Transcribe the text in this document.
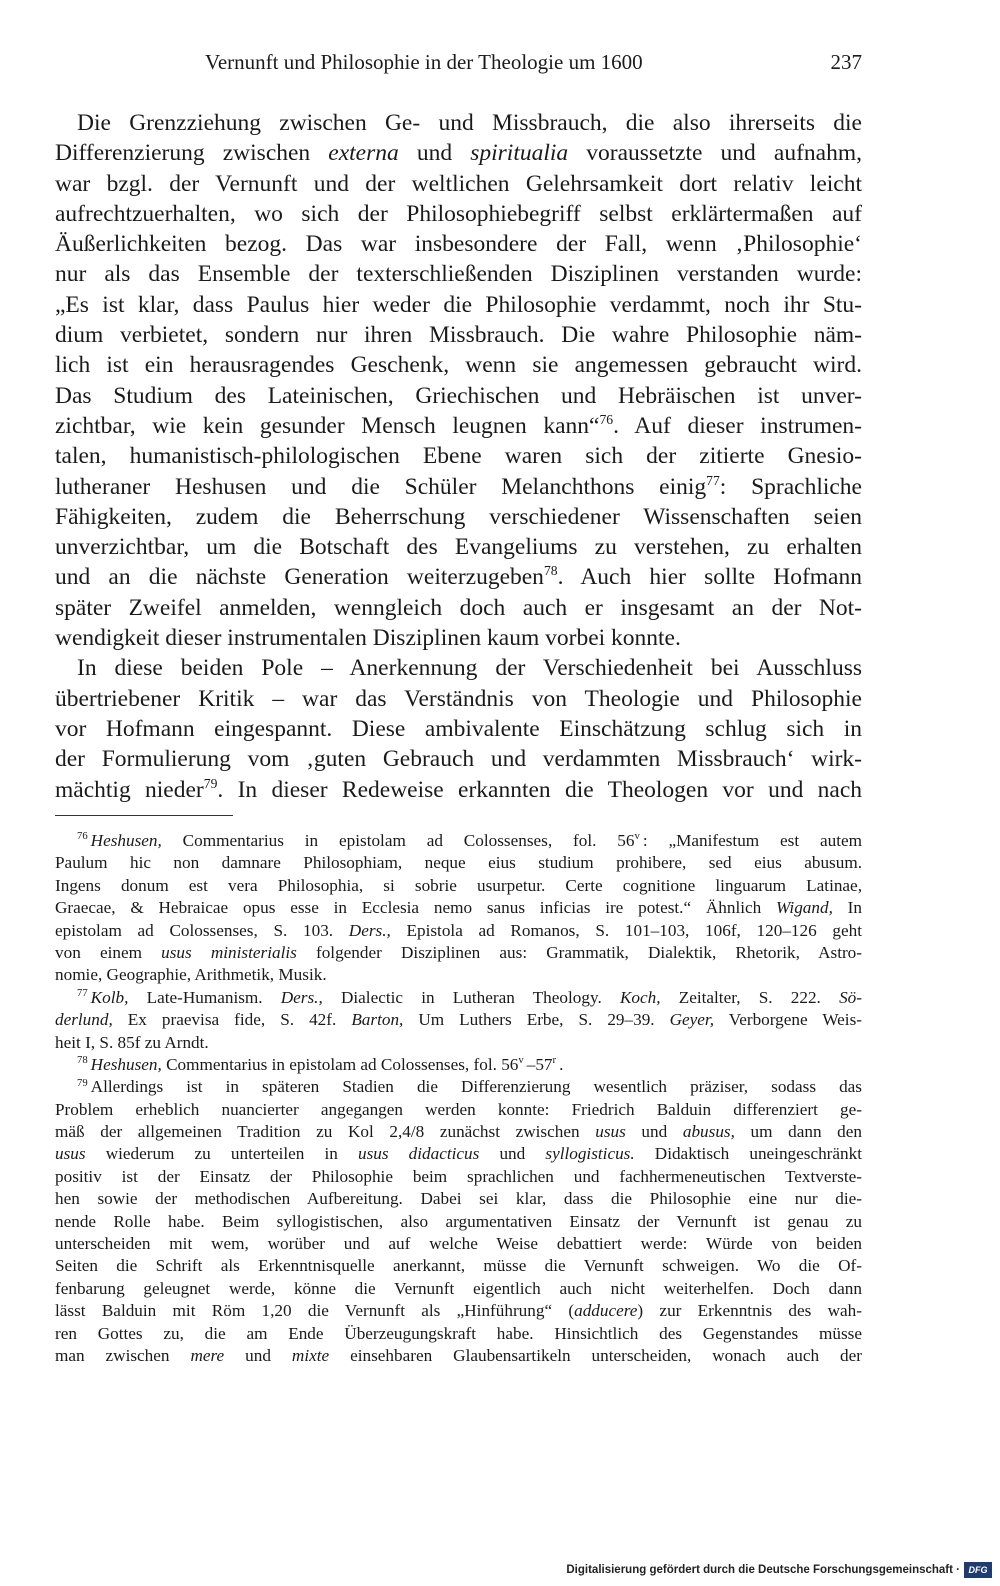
Vernunft und Philosophie in der Theologie um 1600	237
Die Grenzziehung zwischen Ge- und Missbrauch, die also ihrerseits die
Differenzierung zwischen externa und spiritualia voraussetzte und aufnahm,
war bzgl. der Vernunft und der weltlichen Gelehrsamkeit dort relativ leicht
aufrechtzuerhalten, wo sich der Philosophiebegriff selbst erklärtermaßen auf
Äußerlichkeiten bezog. Das war insbesondere der Fall, wenn ‚Philosophie‘
nur als das Ensemble der texterschließenden Disziplinen verstanden wurde:
„Es ist klar, dass Paulus hier weder die Philosophie verdammt, noch ihr Stu-
dium verbietet, sondern nur ihren Missbrauch. Die wahre Philosophie näm-
lich ist ein herausragendes Geschenk, wenn sie angemessen gebraucht wird.
Das Studium des Lateinischen, Griechischen und Hebräischen ist unver-
zichtbar, wie kein gesunder Mensch leugnen kann“$^{76}$. Auf dieser instrumen-
talen, humanistisch-philologischen Ebene waren sich der zitierte Gnesio-
lutheraner Heshusen und die Schüler Melanchthons einig$^{77}$: Sprachliche
Fähigkeiten, zudem die Beherrschung verschiedener Wissenschaften seien
unverzichtbar, um die Botschaft des Evangeliums zu verstehen, zu erhalten
und an die nächste Generation weiterzugeben$^{78}$. Auch hier sollte Hofmann
später Zweifel anmelden, wenngleich doch auch er insgesamt an der Not-
wendigkeit dieser instrumentalen Disziplinen kaum vorbei konnte.
In diese beiden Pole – Anerkennung der Verschiedenheit bei Ausschluss
übertriebener Kritik – war das Verständnis von Theologie und Philosophie
vor Hofmann eingespannt. Diese ambivalente Einschätzung schlug sich in
der Formulierung vom ‚guten Gebrauch und verdammten Missbrauch‘ wirk-
mächtig nieder$^{79}$. In dieser Redeweise erkannten die Theologen vor und nach
$^{76}$ Heshusen, Commentarius in epistolam ad Colossenses, fol. 56$^v$ : „Manifestum est autem
Paulum hic non damnare Philosophiam, neque eius studium prohibere, sed eius abusum.
Ingens donum est vera Philosophia, si sobrie usurpetur. Certe cognitione linguarum Latinae,
Graecae, & Hebraicae opus esse in Ecclesia nemo sanus inficias ire potest.“ Ähnlich Wigand, In
epistolam ad Colossenses, S. 103. Ders., Epistola ad Romanos, S. 101–103, 106f, 120–126 geht
von einem usus ministerialis folgender Disziplinen aus: Grammatik, Dialektik, Rhetorik, Astro-
nomie, Geographie, Arithmetik, Musik.
$^{77}$ Kolb, Late-Humanism. Ders., Dialectic in Lutheran Theology. Koch, Zeitalter, S. 222. Sö-
derlund, Ex praevisa fide, S. 42f. Barton, Um Luthers Erbe, S. 29–39. Geyer, Verborgene Weis-
heit I, S. 85f zu Arndt.
$^{78}$ Heshusen, Commentarius in epistolam ad Colossenses, fol. 56$^v$ –57$^r$ .
$^{79}$ Allerdings ist in späteren Stadien die Differenzierung wesentlich präziser, sodass das
Problem erheblich nuancierter angegangen werden konnte: Friedrich Balduin differenziert ge-
mäß der allgemeinen Tradition zu Kol 2,4/8 zunächst zwischen usus und abusus, um dann den
usus wiederum zu unterteilen in usus didacticus und syllogisticus. Didaktisch uneingeschränkt
positiv ist der Einsatz der Philosophie beim sprachlichen und fachhermeneutischen Textverste-
hen sowie der methodischen Aufbereitung. Dabei sei klar, dass die Philosophie eine nur die-
nende Rolle habe. Beim syllogistischen, also argumentativen Einsatz der Vernunft ist genau zu
unterscheiden mit wem, worüber und auf welche Weise debattiert werde: Würde von beiden
Seiten die Schrift als Erkenntnisquelle anerkannt, müsse die Vernunft schweigen. Wo die Of-
fenbarung geleugnet werde, könne die Vernunft eigentlich auch nicht weiterhelfen. Doch dann
lässt Balduin mit Röm 1,20 die Vernunft als „Hinführung“ (adducere) zur Erkenntnis des wah-
ren Gottes zu, die am Ende Überzeugungskraft habe. Hinsichtlich des Gegenstandes müsse
man zwischen mere und mixte einsehbaren Glaubensartikeln unterscheiden, wonach auch der
Digitalisierung gefördert durch die Deutsche Forschungsgemeinschaft · DFG
